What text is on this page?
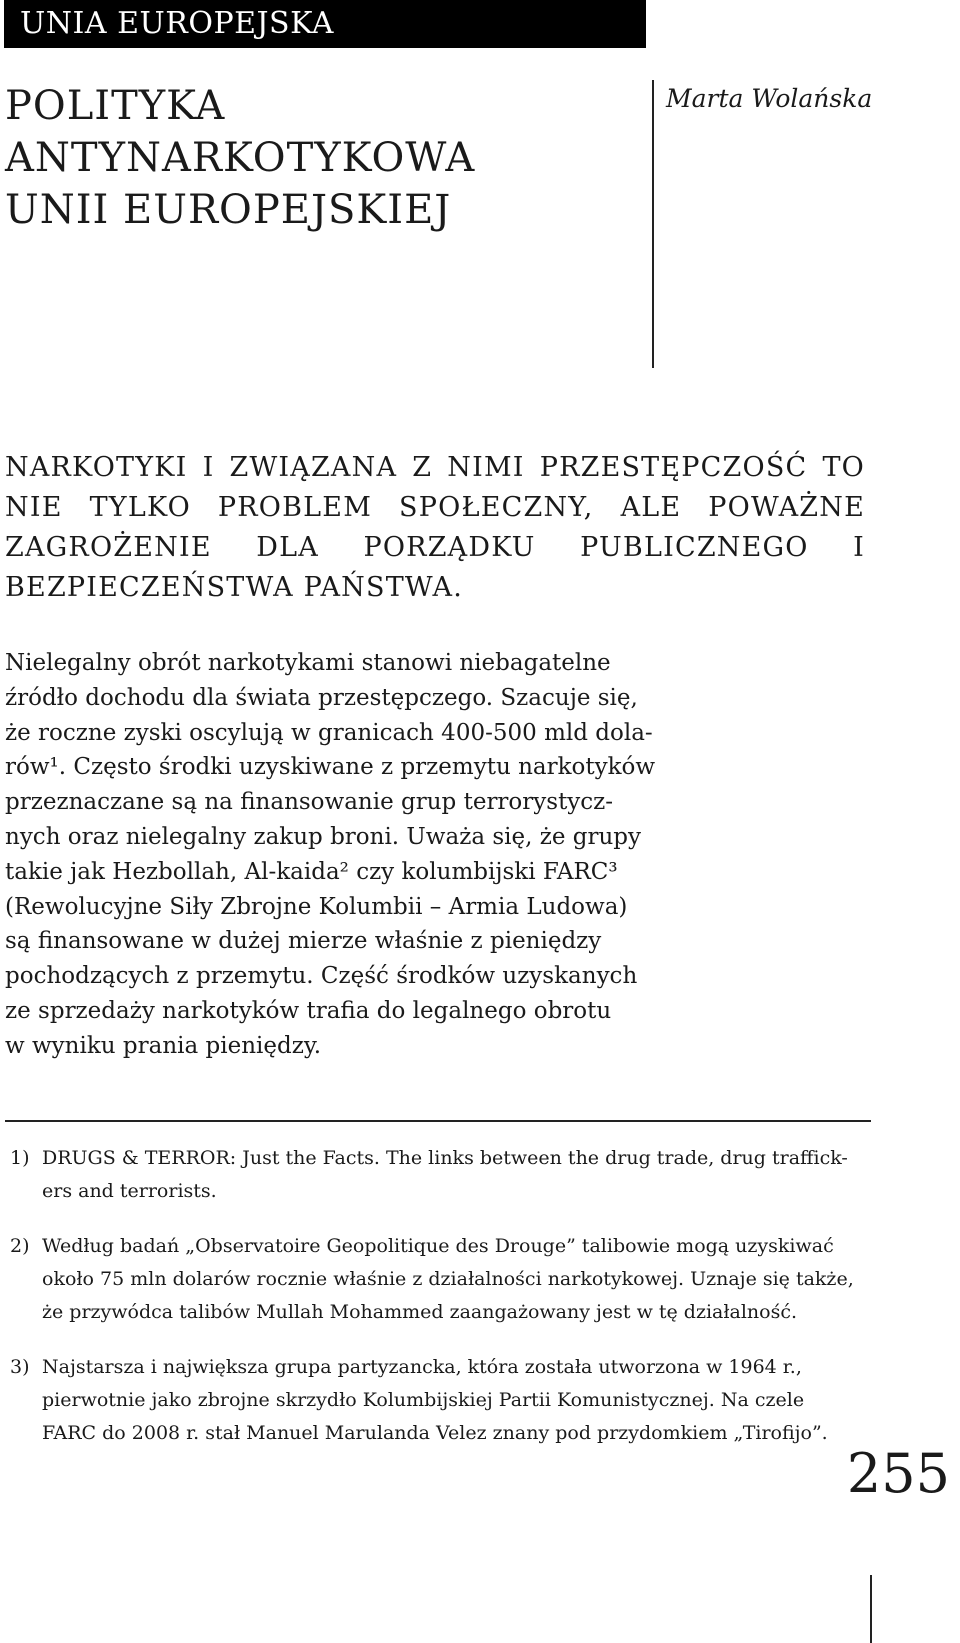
UNIA EUROPEJSKA
POLITYKA
ANTYNARKOTYKOWA
UNII EUROPEJSKIEJ
Marta Wolańska

NARKOTYKI I ZWIĄZANA Z NIMI PRZESTĘPCZOŚĆ TO NIE TYLKO PROBLEM SPOŁECZNY, ALE POWAŻNE ZAGROŻENIE DLA PORZĄDKU PUBLICZNEGO I BEZPIECZEŃSTWA PAŃSTWA.

Nielegalny obrót narkotykami stanowi niebagatelne
źródło dochodu dla świata przestępczego. Szacuje się,
że roczne zyski oscylują w granicach 400-500 mld dola-
rów¹. Często środki uzyskiwane z przemytu narkotyków
przeznaczane są na finansowanie grup terrorystycz-
nych oraz nielegalny zakup broni. Uważa się, że grupy
takie jak Hezbollah, Al-kaida² czy kolumbijski FARC³
(Rewolucyjne Siły Zbrojne Kolumbii – Armia Ludowa)
są finansowane w dużej mierze właśnie z pieniędzy
pochodzących z przemytu. Część środków uzyskanych
ze sprzedaży narkotyków trafia do legalnego obrotu
w wyniku prania pieniędzy.

1) DRUGS & TERROR: Just the Facts. The links between the drug trade, drug traffick-
ers and terrorists.
2) Według badań „Observatoire Geopolitique des Drouge” talibowie mogą uzyskiwać
około 75 mln dolarów rocznie właśnie z działalności narkotykowej. Uznaje się także,
że przywódca talibów Mullah Mohammed zaangażowany jest w tę działalność.
3) Najstarsza i największa grupa partyzancka, która została utworzona w 1964 r.,
pierwotnie jako zbrojne skrzydło Kolumbijskiej Partii Komunistycznej. Na czele
FARC do 2008 r. stał Manuel Marulanda Velez znany pod przydomkiem „Tirofijo”.
255
